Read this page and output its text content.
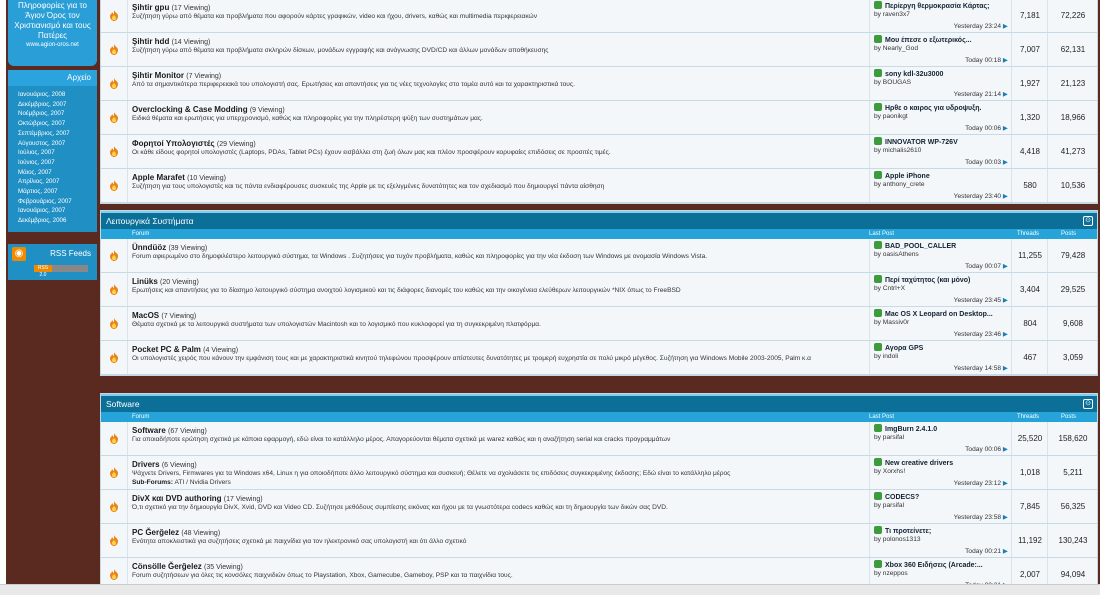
Πληροφορίες για το Άγιον Όρος τον Χριστιανισμό και τους Πατέρες
www.agion-oros.net
Αρχείο
Ιανουάριος, 2008
Δεκέμβριος, 2007
Νοέμβριος, 2007
Οκτώβριος, 2007
Σεπτέμβριος, 2007
Αύγουστος, 2007
Ιούλιος, 2007
Ιούνιος, 2007
Μάιος, 2007
Απρίλιος, 2007
Μάρτιος, 2007
Φεβρουάριος, 2007
Ιανουάριος, 2007
Δεκέμβριος, 2006
◉	RSS Feeds
RSS 2.0
Şihtir gpu (17 Viewing)
Συζήτηση γύρω από θέματα και προβλήματα που αφορούν κάρτες γραφικών, video και ήχου, drivers, καθώς και multimedia περιφερειακών
Περίεργη θερμοκρασία Κάρτας;
by raven3x7
Yesterday 23:24 ▶
7,181	72,226
Şihtir hdd (14 Viewing)
Συζήτηση γύρω από θέματα και προβλήματα σκληρών δίσκων, μονάδων εγγραφής και ανάγνωσης DVD/CD και άλλων μονάδων αποθήκευσης
Μου έπεσε ο εξωτερικός...
by Nearly_God
Today 00:18 ▶
7,007	62,131
Şihtir Monitor (7 Viewing)
Από τα σημαντικότερα περιφερειακά του υπολογιστή σας. Ερωτήσεις και απαντήσεις για τις νέες τεχνολογίες στο τομέα αυτό και τα χαρακτηριστικά τους.
sony kdl-32u3000
by BOUGAS
Yesterday 21:14 ▶
1,927	21,123
Overclocking & Case Modding (9 Viewing)
Ειδικά θέματα και ερωτήσεις για υπερχρονισμό, καθώς και πληροφορίες για την πληρέστερη ψύξη των συστημάτων μας.
Ηρθε ο καιρος για υδροψυξη.
by paonikgt
Today 00:06 ▶
1,320	18,966
Φορητοί Υπολογιστές (29 Viewing)
Οι κάθε είδους φορητοί υπολογιστές (Laptops, PDAs, Tablet PCs) έχουν εισβάλλει στη ζωή όλων μας και πλέον προσφέρουν κορυφαίες επιδόσεις σε προσιτές τιμές.
INNOVATOR WP-726V
by michalis2610
Today 00:03 ▶
4,418	41,273
Apple Marafet (10 Viewing)
Συζήτηση για τους υπολογιστές και τις πάντα ενδιαφέρουσες συσκευές της Apple με τις εξελιγμένες δυνατότητες και τον σχεδιασμό που δημιουργεί πάντα αίσθηση
Apple iPhone
by anthony_crete
Yesterday 23:40 ▶
580	10,536
Λειτουργικά Συστήματα	⊙
Forum	Last Post	Threads	Posts
Ünndüöz (39 Viewing)
Forum αφιερωμένο στο δημοφιλέστερο λειτουργικό σύστημα, τα Windows . Συζητήσεις για τυχόν προβλήματα, καθώς και πληροφορίες για την νέα έκδοση των Windows με ονομασία Windows Vista.
BAD_POOL_CALLER
by oasisAthens
Today 00:07 ▶
11,255	79,428
Linüks (20 Viewing)
Ερωτήσεις και απαντήσεις για το δίασημο λειτουργικό σύστημα ανοιχτού λογισμικού και τις διάφορες διανομές του καθώς και την οικογένεια ελεύθερων λειτουργικών *NIX όπως το FreeBSD
Περί ταχύτητος (και μόνο)
by Cntrl+X
Yesterday 23:45 ▶
3,404	29,525
MacOS (7 Viewing)
Θέματα σχετικά με τα λειτουργικά συστήματα των υπολογιστών Macintosh και το λογισμικό που κυκλοφορεί για τη συγκεκριμένη πλατφόρμα.
Mac OS X Leopard on Desktop...
by Massiv0r
Yesterday 23:46 ▶
804	9,608
Pocket PC & Palm (4 Viewing)
Οι υπολογιστές χειρός που κάνουν την εμφάνιση τους και με χαρακτηριστικά κινητού τηλεφώνου προσφέρουν απίστευτες δυνατότητες με τρομερή ευχρηστία σε πολύ μικρό μέγεθος. Συζήτηση για Windows Mobile 2003-2005, Palm κ.α
Αγορα GPS
by indoli
Yesterday 14:58 ▶
467	3,059
Software	⊙
Forum	Last Post	Threads	Posts
Software (67 Viewing)
Για οποιαδήποτε ερώτηση σχετικά με κάποια εφαρμογή, εδώ είναι το κατάλληλο μέρος. Απαγορεύονται θέματα σχετικά με warez καθώς και η αναζήτηση serial και cracks προγραμμάτων
ImgBurn 2.4.1.0
by parsifal
Today 00:06 ▶
25,520	158,620
Drivers (6 Viewing)
Ψάχνετε Drivers, Firmwares για τα Windows x64, Linux η για οποιοδήποτε άλλο λειτουργικό σύστημα και συσκευή; Θέλετε να σχολιάσετε τις επιδόσεις συγκεκριμένης έκδοσης; Εδώ είναι το κατάλληλο μέρος
Sub-Forums: ATI / Nvidia Drivers
New creative drivers
by Xorxhs!
Yesterday 23:12 ▶
1,018	5,211
DivX και DVD authoring (17 Viewing)
Ό,τι σχετικό για την δημιουργία DivX, Xvid, DVD και Video CD. Συζήτησε μεθόδους συμπίεσης εικόνας και ήχου με τα γνωστότερα codecs καθώς και τη δημιουργία των δικών σας DVD.
CODECS?
by parsifal
Yesterday 23:58 ▶
7,845	56,325
PC Ğerğelez (48 Viewing)
Ενότητα αποκλειστικά για συζητήσεις σχετικά με παιχνίδια για τον ηλεκτρονικό σας υπολογιστή και ότι άλλο σχετικό
Τι προτείνετε;
by polonos1313
Today 00:21 ▶
11,192	130,243
Cönsölle Ğerğelez (35 Viewing)
Forum συζητήσεων για όλες τις κονσόλες παιχνιδιών όπως το Playstation, Xbox, Gamecube, Gameboy, PSP και τα παιχνίδια τους.
Xbox 360 Ειδήσεις (Arcade:...
by nzeppos	2,007	94,094
